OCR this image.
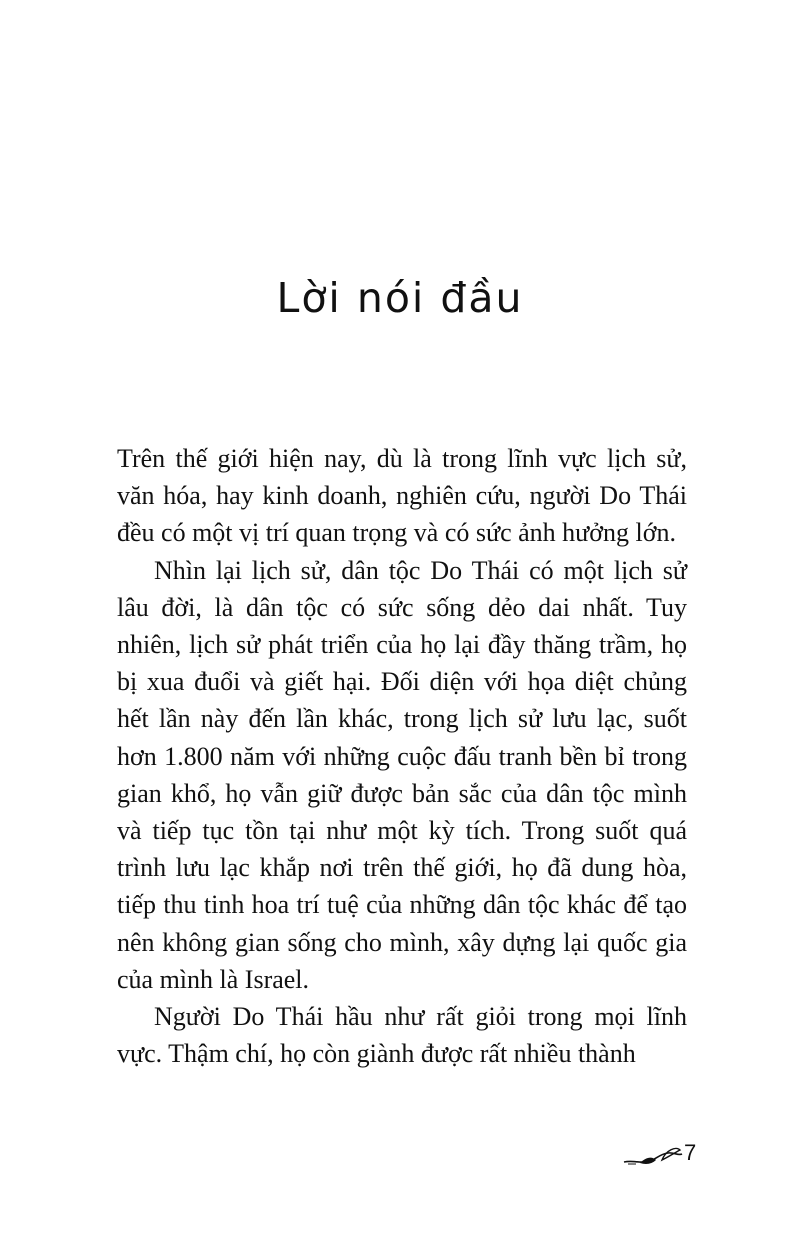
Lời nói đầu

Trên thế giới hiện nay, dù là trong lĩnh vực lịch sử, văn hóa, hay kinh doanh, nghiên cứu, người Do Thái đều có một vị trí quan trọng và có sức ảnh hưởng lớn.

Nhìn lại lịch sử, dân tộc Do Thái có một lịch sử lâu đời, là dân tộc có sức sống dẻo dai nhất. Tuy nhiên, lịch sử phát triển của họ lại đầy thăng trầm, họ bị xua đuổi và giết hại. Đối diện với họa diệt chủng hết lần này đến lần khác, trong lịch sử lưu lạc, suốt hơn 1.800 năm với những cuộc đấu tranh bền bỉ trong gian khổ, họ vẫn giữ được bản sắc của dân tộc mình và tiếp tục tồn tại như một kỳ tích. Trong suốt quá trình lưu lạc khắp nơi trên thế giới, họ đã dung hòa, tiếp thu tinh hoa trí tuệ của những dân tộc khác để tạo nên không gian sống cho mình, xây dựng lại quốc gia của mình là Israel.

Người Do Thái hầu như rất giỏi trong mọi lĩnh vực. Thậm chí, họ còn giành được rất nhiều thành

7
